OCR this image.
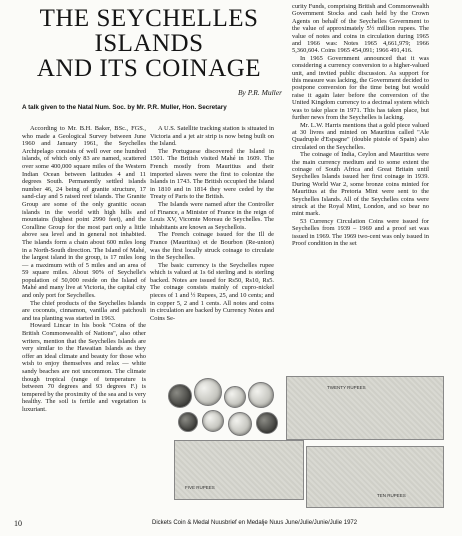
THE SEYCHELLES
ISLANDS
AND ITS COINAGE
By P.R. Muller
A talk given to the Natal Num. Soc. by Mr. P.R. Muller, Hon. Secretary

According to Mr. B.H. Baker, BSc., FGS., who made a Geological Survey between June 1960 and January 1961, the Seychelles Archipelago consists of well over one hundred islands, of which only 83 are named, scattered over some 400,000 square miles of the Western Indian Ocean between latitudes 4 and 11 degrees South. Permanently settled islands number 46, 24 being of granite structure, 17 sand-clay and 5 raised reef islands. The Granite Group are some of the only granitic ocean islands in the world with high hills and mountains (highest point 2990 feet), and the Coralline Group for the most part only a little above sea level and in general not inhabited. The islands form a chain about 600 miles long in a North-South direction. The Island of Mahé, the largest island in the group, is 17 miles long — a maximum with of 5 miles and an area of 59 square miles. About 90% of Seychelle's population of 50,000 reside on the Island of Mahé and many live at Victoria, the capital city and only port for Seychelles.

The chief products of the Seychelles Islands are coconuts, cinnamon, vanilla and patchouli and tea planting was started in 1963.

Howard Lincar in his book "Coins of the British Commonwealth of Nations", also other writers, mention that the Seychelles Islands are very similar to the Hawaiian Islands as they offer an ideal climate and beauty for those who wish to enjoy themselves and relax — white sandy beaches are not uncommon. The climate though tropical (range of temperature is between 70 degrees and 93 degrees F.) is tempered by the proximity of the sea and is very healthy. The soil is fertile and vegetation is luxuriant.

A U.S. Satellite tracking station is situated in Victoria and a jet air strip is now being built on the Island.

The Portuguese discovered the Island in 1501. The British visited Mahé in 1609. The French mostly from Mauritius and their imported slaves were the first to colonize the Islands in 1743. The British occupied the Island in 1810 and in 1814 they were ceded by the Treaty of Paris to the British.

The Islands were named after the Controller of Finance, a Minister of France in the reign of Louis XV, Vicomte Moreau de Seychelles. The inhabitants are known as Seychellois.

The French coinage issued for the Ill de France (Mauritius) et de Bourbon (Re-union) was the first locally struck coinage to circulate in the Seychelles.

The basic currency is the Seychelles rupee which is valued at 1s 6d sterling and is sterling backed. Notes are issued for Rs50, Rs10, Rs5. The coinage consists mainly of cupro-nickel pieces of 1 and ½ Rupees, 25, and 10 cents; and in copper 5, 2 and 1 cents. All notes and coins in circulation are backed by Currency Notes and Coins Se-

curity Funds, comprising British and Commonwealth Government Stocks and cash held by the Crown Agents on behalf of the Seychelles Government to the value of approximately 5½ million rupees. The value of notes and coins in circulation during 1965 and 1966 was: Notes 1965 4,661,979; 1966 5,360,604. Coins 1965 454,091; 1966 491,416.

In 1965 Government announced that it was considering a currency conversion to a higher-valued unit, and invited public discussion. As support for this measure was lacking, the Government decided to postpone conversion for the time being but would raise it again later before the conversion of the United Kingdom currency to a decimal system which was to take place in 1971. This has taken place, but further news from the Seychelles is lacking.

Mr. L.W. Harris mentions that a gold piece valued at 30 livres and minted on Mauritius called "Ale Quadruple d'Espagne" (double pistole of Spain) also circulated on the Seychelles.

The coinage of India, Ceylon and Mauritius were the main currency medium and to some extent the coinage of South Africa and Great Britain until Seychelles Islands issued her first coinage in 1939. During World War 2, some bronze coins minted for Mauritius at the Pretoria Mint were sent to the Seychelles Islands. All of the Seychelles coins were struck at the Royal Mint, London, and so bear no mint mark.

53 Currency Circulation Coins were issued for Seychelles from 1939 – 1969 and a proof set was issued in 1969. The 1969 two-cent was only issued in Proof condition in the set

TWENTY RUPEES
FIVE RUPEES
TEN RUPEES
10	Dickets Coin & Medal Nuusbrief en Medalje Nuus June/Julie/Junie/Julie 1972
